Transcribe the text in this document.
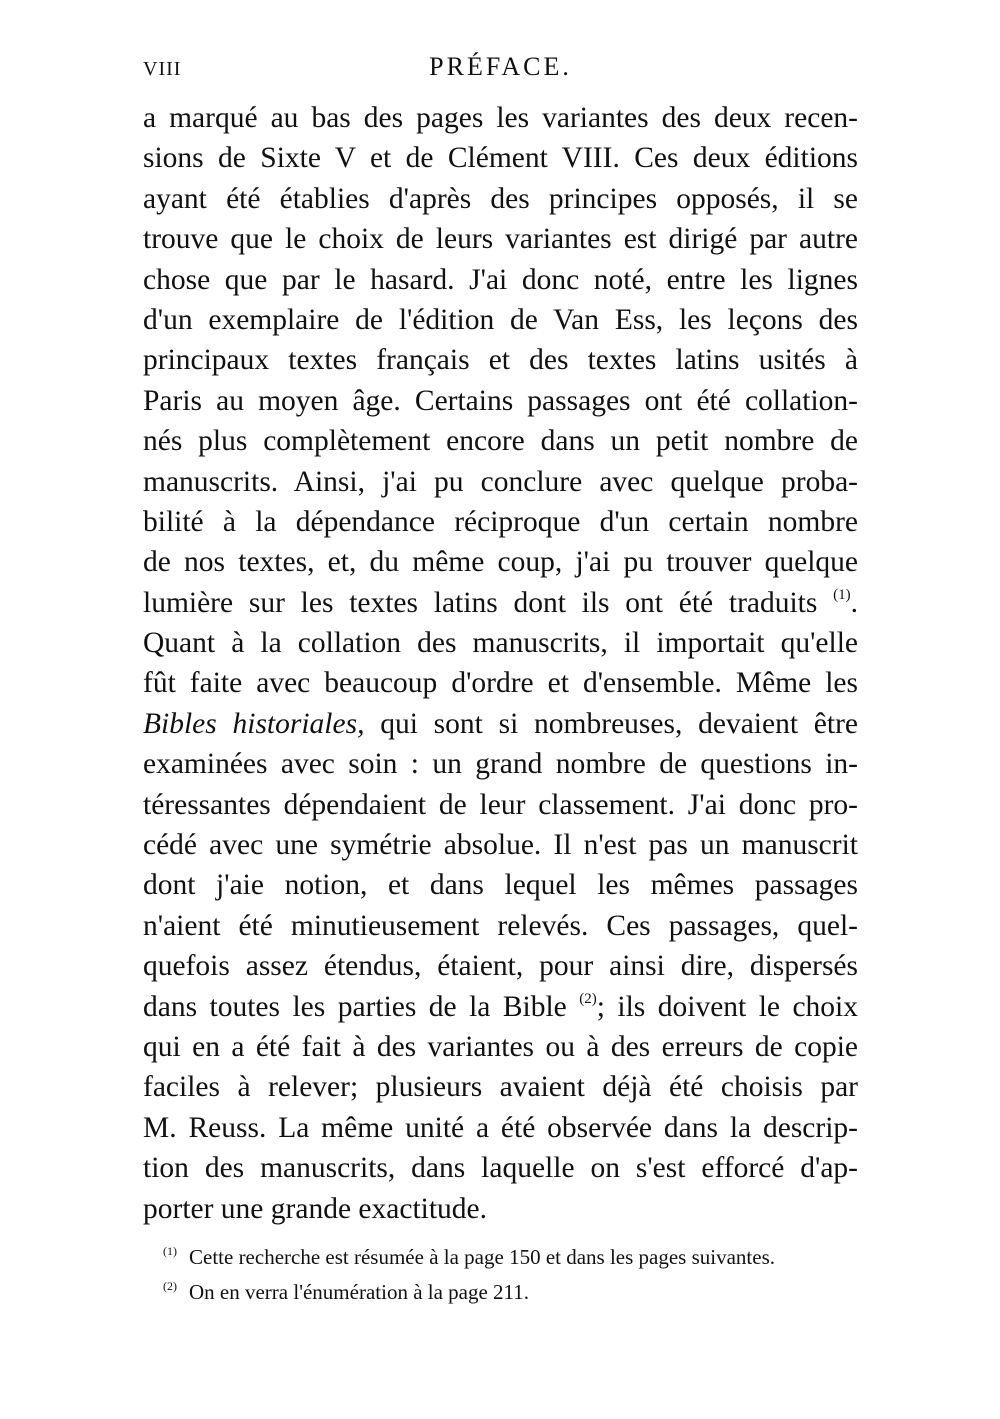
VIII	PRÉFACE.
a marqué au bas des pages les variantes des deux recen-
sions de Sixte V et de Clément VIII. Ces deux éditions
ayant été établies d'après des principes opposés, il se
trouve que le choix de leurs variantes est dirigé par autre
chose que par le hasard. J'ai donc noté, entre les lignes
d'un exemplaire de l'édition de Van Ess, les leçons des
principaux textes français et des textes latins usités à
Paris au moyen âge. Certains passages ont été collation-
nés plus complètement encore dans un petit nombre de
manuscrits. Ainsi, j'ai pu conclure avec quelque proba-
bilité à la dépendance réciproque d'un certain nombre
de nos textes, et, du même coup, j'ai pu trouver quelque
lumière sur les textes latins dont ils ont été traduits $^{(1)}$.
Quant à la collation des manuscrits, il importait qu'elle
fût faite avec beaucoup d'ordre et d'ensemble. Même les
Bibles historiales, qui sont si nombreuses, devaient être
examinées avec soin : un grand nombre de questions in-
téressantes dépendaient de leur classement. J'ai donc pro-
cédé avec une symétrie absolue. Il n'est pas un manuscrit
dont j'aie notion, et dans lequel les mêmes passages
n'aient été minutieusement relevés. Ces passages, quel-
quefois assez étendus, étaient, pour ainsi dire, dispersés
dans toutes les parties de la Bible $^{(2)}$; ils doivent le choix
qui en a été fait à des variantes ou à des erreurs de copie
faciles à relever; plusieurs avaient déjà été choisis par
M. Reuss. La même unité a été observée dans la descrip-
tion des manuscrits, dans laquelle on s'est efforcé d'ap-
porter une grande exactitude.
$^{(1)}$ Cette recherche est résumée à la page 150 et dans les pages suivantes.
$^{(2)}$ On en verra l'énumération à la page 211.
